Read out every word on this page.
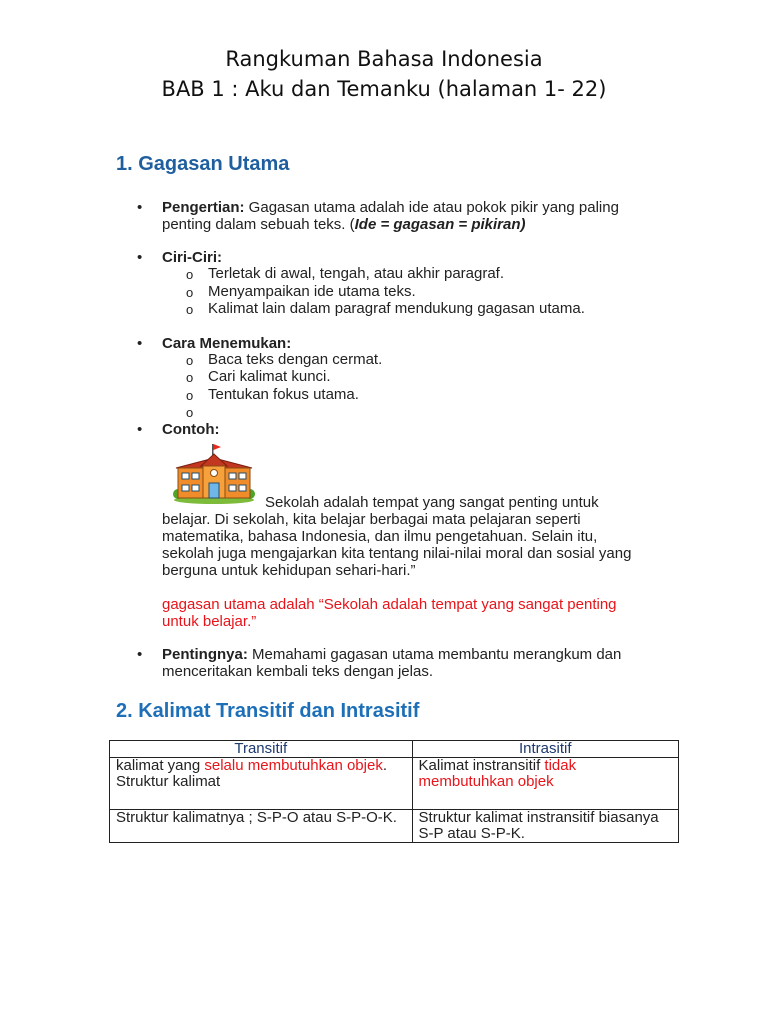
Rangkuman Bahasa Indonesia
BAB 1 : Aku dan Temanku (halaman 1- 22)
1. Gagasan Utama
• Pengertian: Gagasan utama adalah ide atau pokok pikir yang paling
penting dalam sebuah teks. (Ide = gagasan = pikiran)
• Ciri-Ciri:
o Terletak di awal, tengah, atau akhir paragraf.
o Menyampaikan ide utama teks.
o Kalimat lain dalam paragraf mendukung gagasan utama.
• Cara Menemukan:
o Baca teks dengan cermat.
o Cari kalimat kunci.
o Tentukan fokus utama.
o
• Contoh:
Sekolah adalah tempat yang sangat penting untuk
belajar. Di sekolah, kita belajar berbagai mata pelajaran seperti
matematika, bahasa Indonesia, dan ilmu pengetahuan. Selain itu,
sekolah juga mengajarkan kita tentang nilai-nilai moral dan sosial yang
berguna untuk kehidupan sehari-hari.”
gagasan utama adalah “Sekolah adalah tempat yang sangat penting
untuk belajar.”
• Pentingnya: Memahami gagasan utama membantu merangkum dan
menceritakan kembali teks dengan jelas.
2. Kalimat Transitif dan Intrasitif
Transitif	Intrasitif
kalimat yang selalu membutuhkan objek.
Struktur kalimat	Kalimat instransitif tidak
membutuhkan objek
Struktur kalimatnya ; S-P-O atau S-P-O-K.	Struktur kalimat instransitif biasanya S-P atau S-P-K.
